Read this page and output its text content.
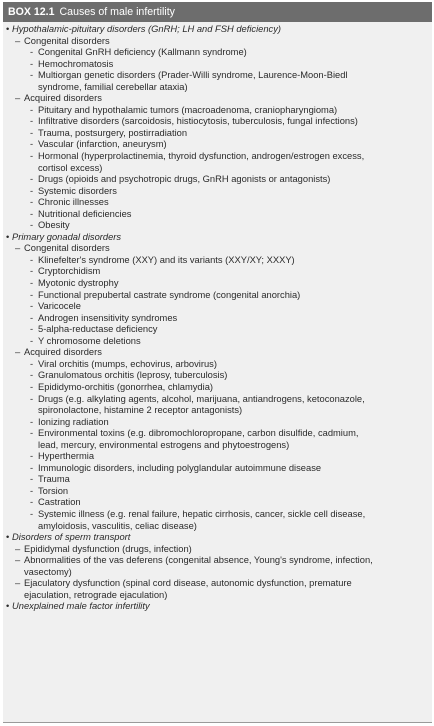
BOX 12.1 Causes of male infertility
• Hypothalamic-pituitary disorders (GnRH; LH and FSH deficiency)
– Congenital disorders
- Congenital GnRH deficiency (Kallmann syndrome)
- Hemochromatosis
- Multiorgan genetic disorders (Prader-Willi syndrome, Laurence-Moon-Biedl
syndrome, familial cerebellar ataxia)
– Acquired disorders
- Pituitary and hypothalamic tumors (macroadenoma, craniopharyngioma)
- Infiltrative disorders (sarcoidosis, histiocytosis, tuberculosis, fungal infections)
- Trauma, postsurgery, postirradiation
- Vascular (infarction, aneurysm)
- Hormonal (hyperprolactinemia, thyroid dysfunction, androgen/estrogen excess,
cortisol excess)
- Drugs (opioids and psychotropic drugs, GnRH agonists or antagonists)
- Systemic disorders
- Chronic illnesses
- Nutritional deficiencies
- Obesity
• Primary gonadal disorders
– Congenital disorders
- Klinefelter's syndrome (XXY) and its variants (XXY/XY; XXXY)
- Cryptorchidism
- Myotonic dystrophy
- Functional prepubertal castrate syndrome (congenital anorchia)
- Varicocele
- Androgen insensitivity syndromes
- 5-alpha-reductase deficiency
- Y chromosome deletions
– Acquired disorders
- Viral orchitis (mumps, echovirus, arbovirus)
- Granulomatous orchitis (leprosy, tuberculosis)
- Epididymo-orchitis (gonorrhea, chlamydia)
- Drugs (e.g. alkylating agents, alcohol, marijuana, antiandrogens, ketoconazole,
spironolactone, histamine 2 receptor antagonists)
- Ionizing radiation
- Environmental toxins (e.g. dibromochloropropane, carbon disulfide, cadmium,
lead, mercury, environmental estrogens and phytoestrogens)
- Hyperthermia
- Immunologic disorders, including polyglandular autoimmune disease
- Trauma
- Torsion
- Castration
- Systemic illness (e.g. renal failure, hepatic cirrhosis, cancer, sickle cell disease,
amyloidosis, vasculitis, celiac disease)
• Disorders of sperm transport
– Epididymal dysfunction (drugs, infection)
– Abnormalities of the vas deferens (congenital absence, Young's syndrome, infection,
vasectomy)
– Ejaculatory dysfunction (spinal cord disease, autonomic dysfunction, premature
ejaculation, retrograde ejaculation)
• Unexplained male factor infertility
